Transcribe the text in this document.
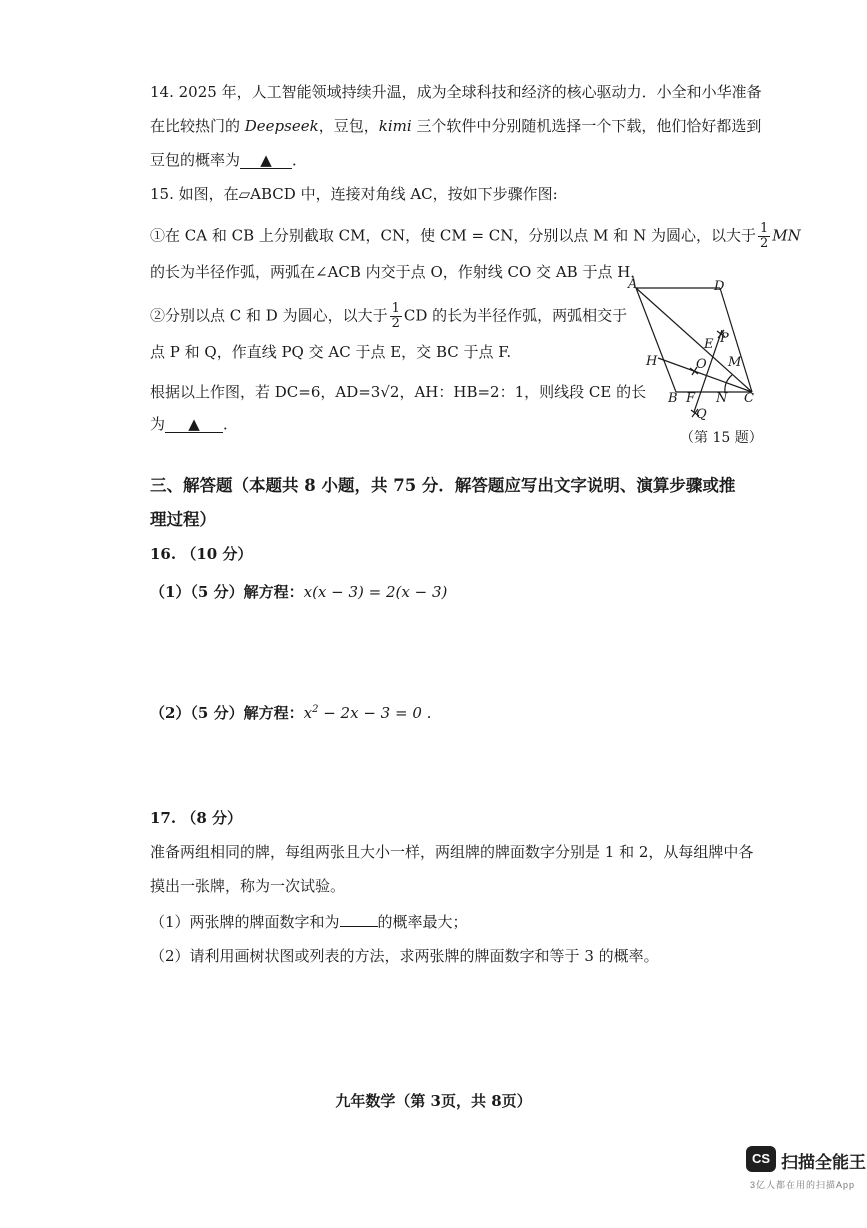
14. 2025 年，人工智能领域持续升温，成为全球科技和经济的核心驱动力．小全和小华准备
在比较热门的 Deepseek，豆包，kimi 三个软件中分别随机选择一个下载，他们恰好都选到
豆包的概率为 ▲ ．
15. 如图，在▱ABCD 中，连接对角线 AC，按如下步骤作图:
①在 CA 和 CB 上分别截取 CM，CN，使 CM = CN，分别以点 M 和 N 为圆心，以大于 $\frac{1}{2}$ MN
的长为半径作弧，两弧在∠ACB 内交于点 O，作射线 CO 交 AB 于点 H，
②分别以点 C 和 D 为圆心，以大于 $\frac{1}{2}$ CD 的长为半径作弧，两弧相交于
点 P 和 Q，作直线 PQ 交 AC 于点 E，交 BC 于点 F.
根据以上作图，若 DC=6，AD=3√2，AH：HB=2：1，则线段 CE 的长
为 ▲ ．
A	D
H
B F N C
E P
O M
Q
（第 15 题）
三、解答题（本题共 8 小题，共 75 分．解答题应写出文字说明、演算步骤或推
理过程）
16. （10 分）
（1）（5 分）解方程：x(x − 3) = 2(x − 3)
（2）（5 分）解方程：$x^2 - 2x - 3 = 0$ .
17. （8 分）
准备两组相同的牌，每组两张且大小一样，两组牌的牌面数字分别是 1 和 2，从每组牌中各
摸出一张牌，称为一次试验。
（1）两张牌的牌面数字和为	的概率最大；
（2）请利用画树状图或列表的方法，求两张牌的牌面数字和等于 3 的概率。
九年数学（第 3页，共 8页）
CS 扫描全能王
3亿人都在用的扫描App
